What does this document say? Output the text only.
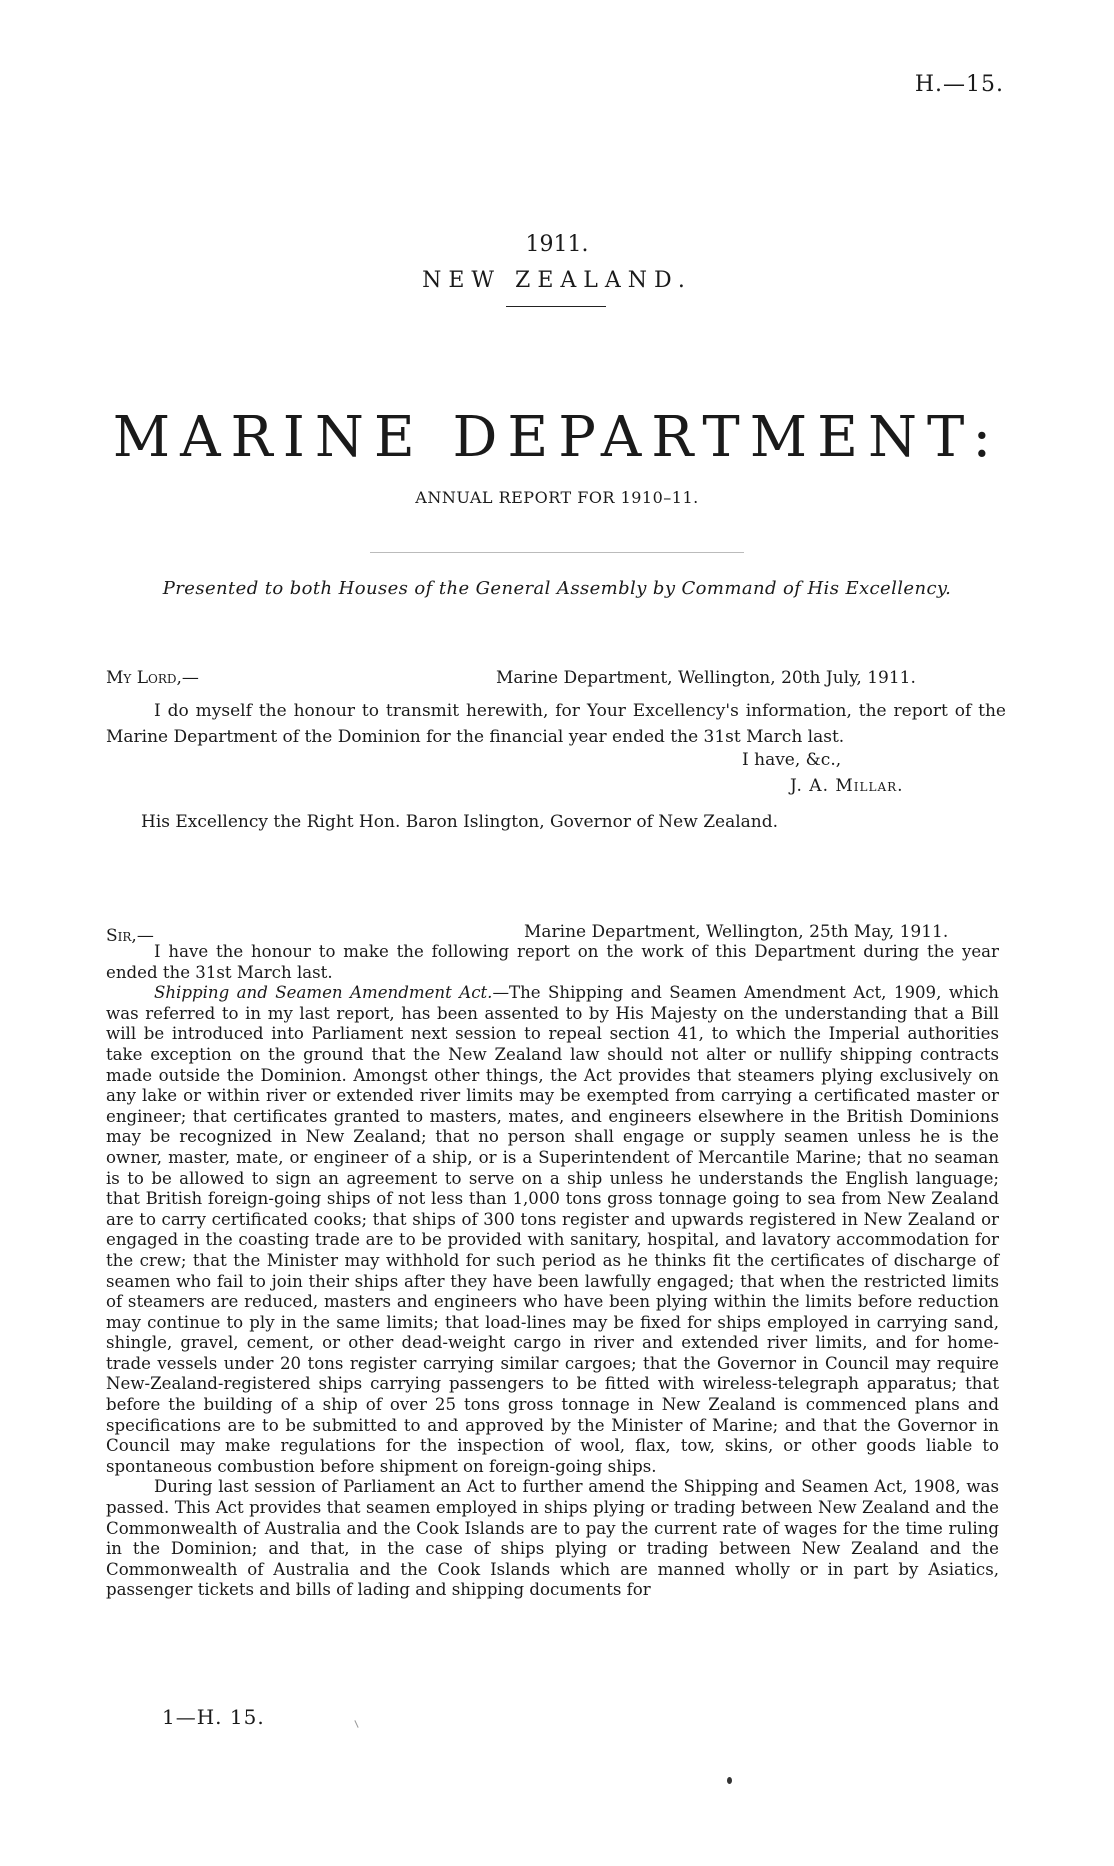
H.—15.
1911.
NEW ZEALAND.
MARINE DEPARTMENT:
ANNUAL REPORT FOR 1910–11.
Presented to both Houses of the General Assembly by Command of His Excellency.
My Lord,—	Marine Department, Wellington, 20th July, 1911.

I do myself the honour to transmit herewith, for Your Excellency's information, the report of the Marine Department of the Dominion for the financial year ended the 31st March last.

I have, &c.,
J. A. Millar.
His Excellency the Right Hon. Baron Islington, Governor of New Zealand.
Sir,—	Marine Department, Wellington, 25th May, 1911.

I have the honour to make the following report on the work of this Department during the year ended the 31st March last.

Shipping and Seamen Amendment Act.—The Shipping and Seamen Amendment Act, 1909, which was referred to in my last report, has been assented to by His Majesty on the understanding that a Bill will be introduced into Parliament next session to repeal section 41, to which the Imperial authorities take exception on the ground that the New Zealand law should not alter or nullify shipping contracts made outside the Dominion. Amongst other things, the Act provides that steamers plying exclusively on any lake or within river or extended river limits may be exempted from carrying a certificated master or engineer; that certificates granted to masters, mates, and engineers elsewhere in the British Dominions may be recognized in New Zealand; that no person shall engage or supply seamen unless he is the owner, master, mate, or engineer of a ship, or is a Superintendent of Mercantile Marine; that no seaman is to be allowed to sign an agreement to serve on a ship unless he understands the English language; that British foreign-going ships of not less than 1,000 tons gross tonnage going to sea from New Zealand are to carry certificated cooks; that ships of 300 tons register and upwards registered in New Zealand or engaged in the coasting trade are to be provided with sanitary, hospital, and lavatory accommodation for the crew; that the Minister may withhold for such period as he thinks fit the certificates of discharge of seamen who fail to join their ships after they have been lawfully engaged; that when the restricted limits of steamers are reduced, masters and engineers who have been plying within the limits before reduction may continue to ply in the same limits; that load-lines may be fixed for ships employed in carrying sand, shingle, gravel, cement, or other dead-weight cargo in river and extended river limits, and for home-trade vessels under 20 tons register carrying similar cargoes; that the Governor in Council may require New-Zealand-registered ships carrying passengers to be fitted with wireless-telegraph apparatus; that before the building of a ship of over 25 tons gross tonnage in New Zealand is commenced plans and specifications are to be submitted to and approved by the Minister of Marine; and that the Governor in Council may make regulations for the inspection of wool, flax, tow, skins, or other goods liable to spontaneous combustion before shipment on foreign-going ships.

During last session of Parliament an Act to further amend the Shipping and Seamen Act, 1908, was passed. This Act provides that seamen employed in ships plying or trading between New Zealand and the Commonwealth of Australia and the Cook Islands are to pay the current rate of wages for the time ruling in the Dominion; and that, in the case of ships plying or trading between New Zealand and the Commonwealth of Australia and the Cook Islands which are manned wholly or in part by Asiatics, passenger tickets and bills of lading and shipping documents for

1—H. 15.
